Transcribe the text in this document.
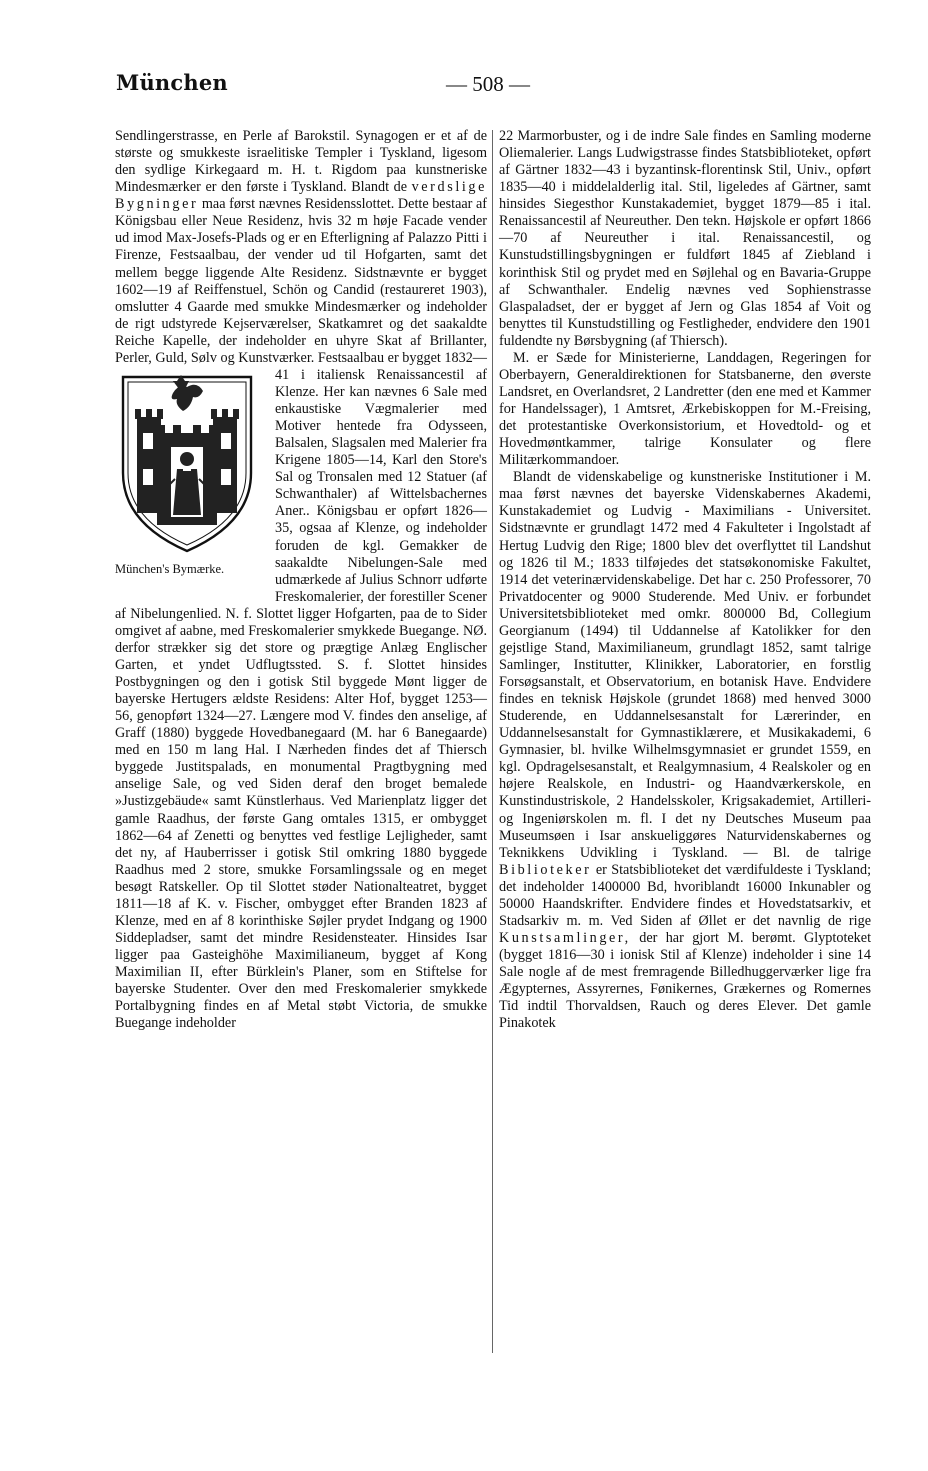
München	— 508 —

Sendlingerstrasse, en Perle af Barokstil. Synagogen er et af de største og smukkeste israelitiske Templer i Tyskland, ligesom den sydlige Kirkegaard m. H. t. Rigdom paa kunstneriske Mindesmærker er den første i Tyskland. Blandt de verdslige Bygninger maa først nævnes Residensslottet. Dette bestaar af Königsbau eller Neue Residenz, hvis 32 m høje Facade vender ud imod Max-Josefs-Plads og er en Efterligning af Palazzo Pitti i Firenze, Festsaalbau, der vender ud til Hofgarten, samt det mellem begge liggende Alte Residenz. Sidstnævnte er bygget 1602—19 af Reiffenstuel, Schön og Candid (restaureret 1903), omslutter 4 Gaarde med smukke Mindesmærker og indeholder de rigt udstyrede Kejserværelser, Skatkamret og det saakaldte Reiche Kapelle, der indeholder en uhyre Skat af Brillanter, Perler, Guld, Sølv og Kunstværker. Festsaalbau er byg
München's Bymærke.
get 1832—41 i italiensk Renaissancestil af Klenze. Her kan nævnes 6 Sale med enkaustiske Vægmalerier med Motiver hentede fra Odysseen, Balsalen, Slagsalen med Malerier fra Krigene 1805—14, Karl den Store's Sal og Tronsalen med 12 Statuer (af Schwanthaler) af Wittelsbachernes Aner.. Königsbau er opført 1826—35, ogsaa af Klenze, og indeholder foruden de kgl. Gemakker de saakaldte Nibelungen-Sale med udmærkede af Julius Schnorr udførte Freskomalerier, der forestiller Scener af Nibelungenlied. N. f. Slottet ligger Hofgarten, paa de to Sider omgivet af aabne, med Freskomalerier smykkede Buegange. NØ. derfor strækker sig det store og prægtige Anlæg Englischer Garten, et yndet Udflugtssted. S. f. Slottet hinsides Postbygningen og den i gotisk Stil byggede Mønt ligger de bayerske Hertugers ældste Residens: Alter Hof, bygget 1253—56, genopført 1324—27. Længere mod V. findes den anselige, af Graff (1880) byggede Hovedbanegaard (M. har 6 Banegaarde) med en 150 m lang Hal. I Nærheden findes det af Thiersch byggede Justitspalads, en monumental Pragtbygning med anselige Sale, og ved Siden deraf den broget bemalede »Justizgebäude« samt Künstlerhaus. Ved Marienplatz ligger det gamle Raadhus, der første Gang omtales 1315, er ombygget 1862—64 af Zenetti og benyttes ved festlige Lejligheder, samt det ny, af Hauberrisser i gotisk Stil omkring 1880 byggede Raadhus med 2 store, smukke Forsamlingssale og en meget besøgt Ratskeller. Op til Slottet støder Nationalteatret, bygget 1811—18 af K. v. Fischer, ombygget efter Branden 1823 af Klenze, med en af 8 korinthiske Søjler prydet Indgang og 1900 Siddepladser, samt det mindre Residensteater. Hinsides Isar ligger paa Gasteighöhe Maximilianeum, bygget af Kong Maximilian II, efter Bürklein's Planer, som en Stiftelse for bayerske Studenter. Over den med Freskomalerier smykkede Portalbygning findes en af Metal støbt Victoria, de smukke Buegange indeholder

22 Marmorbuster, og i de indre Sale findes en Samling moderne Oliemalerier. Langs Ludwigstrasse findes Statsbiblioteket, opført af Gärtner 1832—43 i byzantinsk-florentinsk Stil, Univ., opført 1835—40 i middelalderlig ital. Stil, ligeledes af Gärtner, samt hinsides Siegesthor Kunstakademiet, bygget 1879—85 i ital. Renaissancestil af Neureuther. Den tekn. Højskole er opført 1866—70 af Neureuther i ital. Renaissancestil, og Kunstudstillingsbygningen er fuldført 1845 af Ziebland i korinthisk Stil og prydet med en Søjlehal og en Bavaria-Gruppe af Schwanthaler. Endelig nævnes ved Sophienstrasse Glaspaladset, der er bygget af Jern og Glas 1854 af Voit og benyttes til Kunstudstilling og Festligheder, endvidere den 1901 fuldendte ny Børsbygning (af Thiersch).

M. er Sæde for Ministerierne, Landdagen, Regeringen for Oberbayern, Generaldirektionen for Statsbanerne, den øverste Landsret, en Overlandsret, 2 Landretter (den ene med et Kammer for Handelssager), 1 Amtsret, Ærkebiskoppen for M.-Freising, det protestantiske Overkonsistorium, et Hovedtold- og et Hovedmøntkammer, talrige Konsulater og flere Militærkommandoer.

Blandt de videnskabelige og kunstneriske Institutioner i M. maa først nævnes det bayerske Videnskabernes Akademi, Kunstakademiet og Ludvig - Maximilians - Universitet. Sidstnævnte er grundlagt 1472 med 4 Fakulteter i Ingolstadt af Hertug Ludvig den Rige; 1800 blev det overflyttet til Landshut og 1826 til M.; 1833 tilføjedes det statsøkonomiske Fakultet, 1914 det veterinærvidenskabelige. Det har c. 250 Professorer, 70 Privatdocenter og 9000 Studerende. Med Univ. er forbundet Universitetsbiblioteket med omkr. 800000 Bd, Collegium Georgianum (1494) til Uddannelse af Katolikker for den gejstlige Stand, Maximilianeum, grundlagt 1852, samt talrige Samlinger, Institutter, Klinikker, Laboratorier, en forstlig Forsøgsanstalt, et Observatorium, en botanisk Have. Endvidere findes en teknisk Højskole (grundet 1868) med henved 3000 Studerende, en Uddannelsesanstalt for Lærerinder, en Uddannelsesanstalt for Gymnastiklærere, et Musikakademi, 6 Gymnasier, bl. hvilke Wilhelmsgymnasiet er grundet 1559, en kgl. Opdragelsesanstalt, et Realgymnasium, 4 Realskoler og en højere Realskole, en Industri- og Haandværkerskole, en Kunstindustriskole, 2 Handelsskoler, Krigsakademiet, Artilleri- og Ingeniørskolen m. fl. I det ny Deutsches Museum paa Museumsøen i Isar anskueliggøres Naturvidenskabernes og Teknikkens Udvikling i Tyskland. — Bl. de talrige Biblioteker er Statsbiblioteket det værdifuldeste i Tyskland; det indeholder 1400000 Bd, hvoriblandt 16000 Inkunabler og 50000 Haandskrifter. Endvidere findes et Hovedstatsarkiv, et Stadsarkiv m. m. Ved Siden af Øllet er det navnlig de rige Kunstsamlinger, der har gjort M. berømt. Glyptoteket (bygget 1816—30 i ionisk Stil af Klenze) indeholder i sine 14 Sale nogle af de mest fremragende Billedhuggerværker lige fra Ægypternes, Assyrernes, Fønikernes, Grækernes og Romernes Tid indtil Thorvaldsen, Rauch og deres Elever. Det gamle Pinakotek
